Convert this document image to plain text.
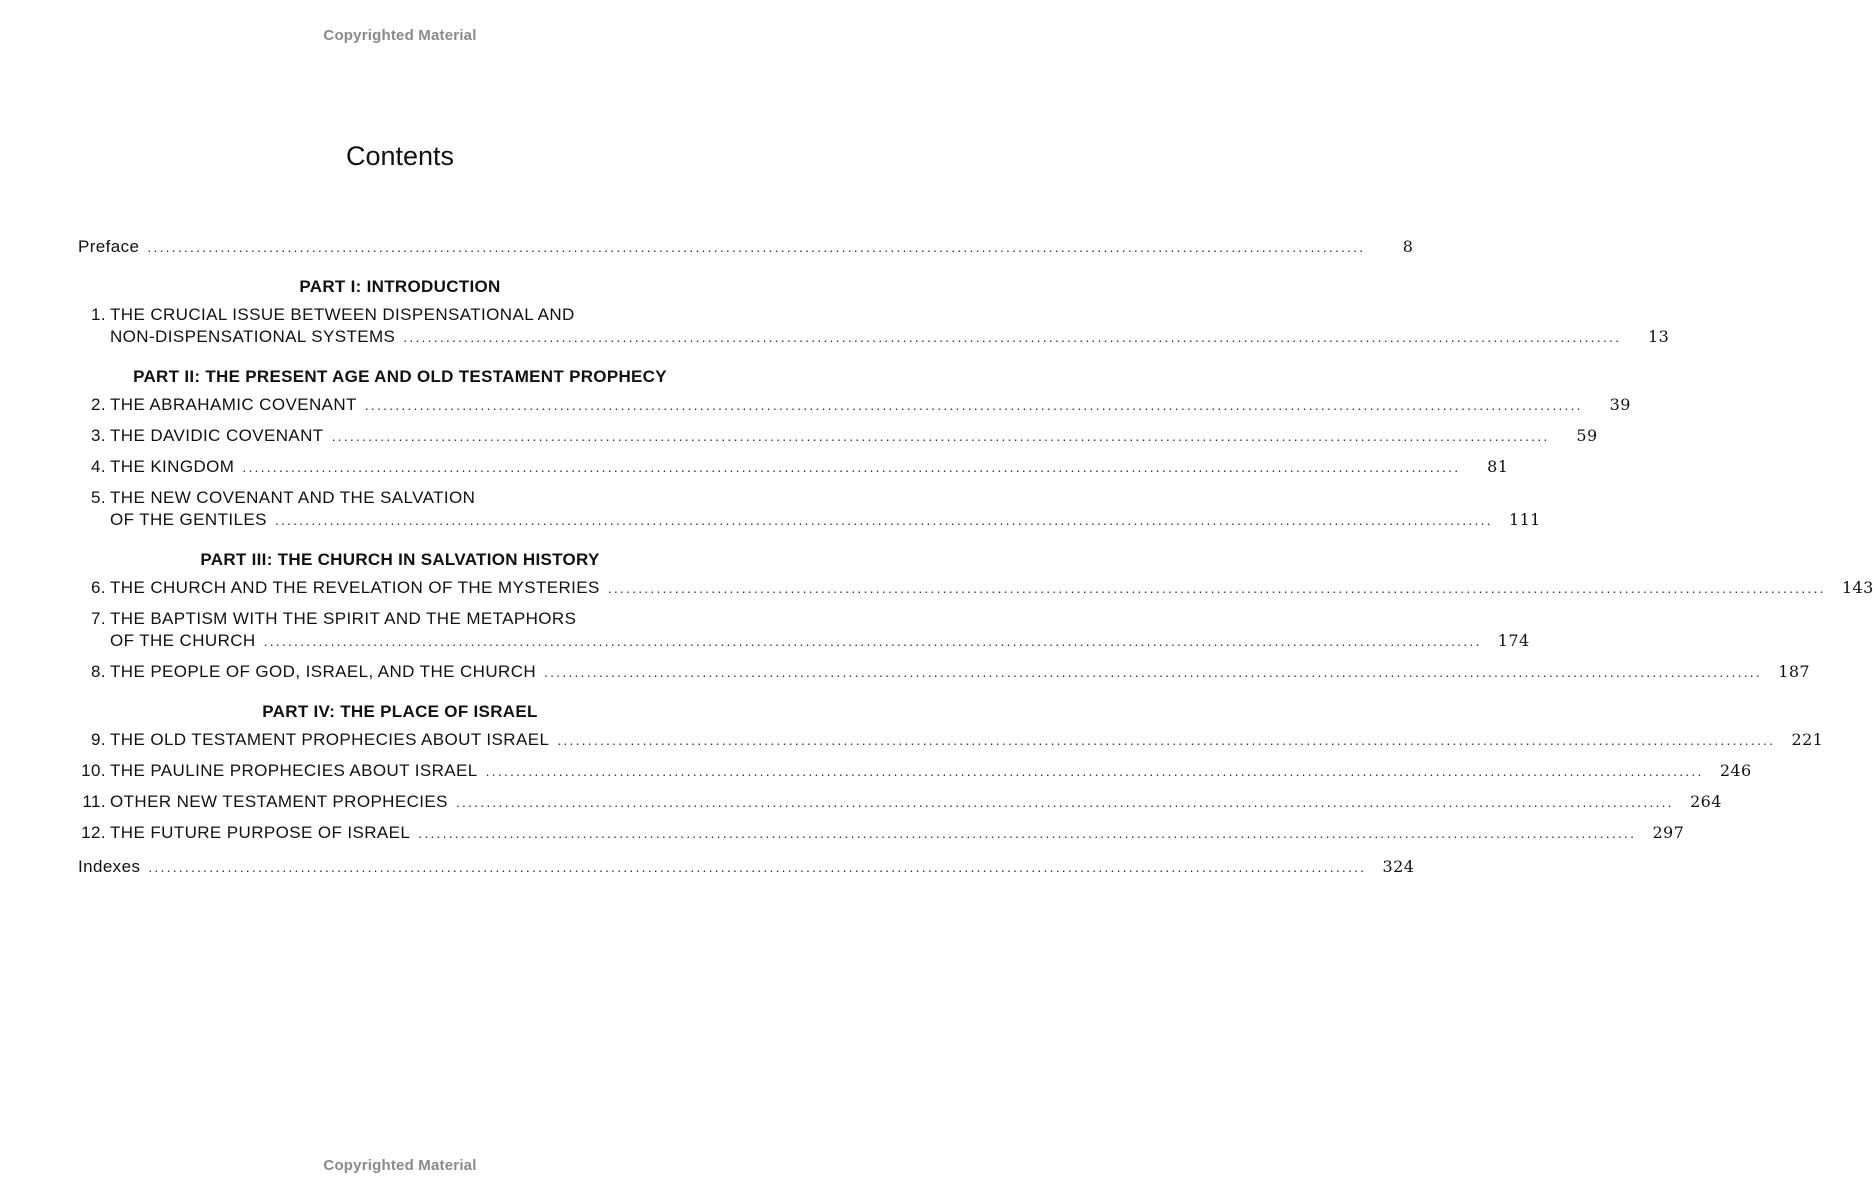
Copyrighted Material
Contents
Preface ........................................................................................................................................................................................................	8
PART I: INTRODUCTION
1. THE CRUCIAL ISSUE BETWEEN DISPENSATIONAL AND
NON-DISPENSATIONAL SYSTEMS ........................................................................................................................................................................................................	13
PART II: THE PRESENT AGE AND OLD TESTAMENT PROPHECY
2. THE ABRAHAMIC COVENANT ........................................................................................................................................................................................................	39
3. THE DAVIDIC COVENANT ........................................................................................................................................................................................................	59
4. THE KINGDOM ........................................................................................................................................................................................................	81
5. THE NEW COVENANT AND THE SALVATION
OF THE GENTILES ........................................................................................................................................................................................................	111
PART III: THE CHURCH IN SALVATION HISTORY
6. THE CHURCH AND THE REVELATION OF THE MYSTERIES ........................................................................................................................................................................................................	143
7. THE BAPTISM WITH THE SPIRIT AND THE METAPHORS
OF THE CHURCH ........................................................................................................................................................................................................	174
8. THE PEOPLE OF GOD, ISRAEL, AND THE CHURCH ........................................................................................................................................................................................................	187
PART IV: THE PLACE OF ISRAEL
9. THE OLD TESTAMENT PROPHECIES ABOUT ISRAEL ........................................................................................................................................................................................................	221
10. THE PAULINE PROPHECIES ABOUT ISRAEL ........................................................................................................................................................................................................	246
11. OTHER NEW TESTAMENT PROPHECIES ........................................................................................................................................................................................................	264
12. THE FUTURE PURPOSE OF ISRAEL ........................................................................................................................................................................................................	297
Indexes ........................................................................................................................................................................................................	324
Copyrighted Material
